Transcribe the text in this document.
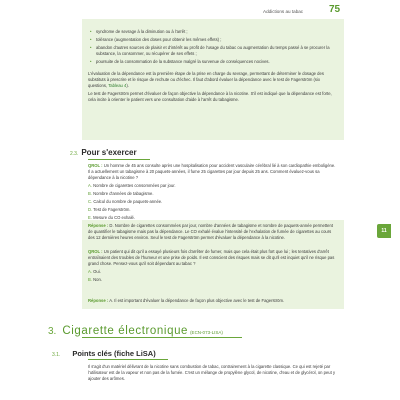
Addictions au tabac	75
• syndrome de sevrage à la diminution ou à l'arrêt ;
• tolérance (augmentation des doses pour obtenir les mêmes effets) ;
• abandon d'autres sources de plaisir et d'intérêt au profit de l'usage du tabac ou augmentation du temps passé à se procurer la substance, la consommer, ou récupérer de ses effets ;
• poursuite de la consommation de la substance malgré la survenue de conséquences nocives.

L'évaluation de la dépendance est la première étape de la prise en charge du sevrage, permettant de déterminer le dosage des substituts à prescrire et le risque de rechute ou d'échec. Il faut d'abord évaluer la dépendance avec le test de Fagerström (six questions, Tableau 4).

Le test de Fagerström permet d'évaluer de façon objective la dépendance à la nicotine. S'il est indiqué que la dépendance est forte, cela incite à orienter le patient vers une consultation d'aide à l'arrêt du tabagisme.

2.3. Pour s'exercer

QROL : Un homme de 45 ans consulte après une hospitalisation pour accident vasculaire cérébral lié à son cardiopathie emboligène. Il a actuellement un tabagisme à 20 paquets-années, il fume 25 cigarettes par jour depuis 25 ans. Comment évaluez-vous sa dépendance à la nicotine ?

A. Nombre de cigarettes consommées par jour.
B. Nombre d'années de tabagisme.
C. Calcul du nombre de paquets-année.
D. Test de Fagerström.
E. Mesure du CO exhalé.

Réponse : D. Nombre de cigarettes consommées par jour, nombre d'années de tabagisme et nombre de paquets-année permettent de quantifier le tabagisme mais pas la dépendance. Le CO exhalé évalue l'intensité de l'exhalation de fumée de cigarettes au cours des 12 dernières heures environ. Seul le test de Fagerström permet d'évaluer la dépendance à la nicotine.

QROL : Un patient qui dit qu'il a essayé plusieurs fois d'arrêter de fumer, mais que cela était plus fort que lui ; les tentatives d'arrêt entraînaient des troubles de l'humeur et une prise de poids. Il est conscient des risques mais se dit qu'il est inquiet qu'il ne risque pas grand chose. Pensez-vous qu'il soit dépendant au tabac ?

A. Oui.
B. Non.

Réponse : A. Il est important d'évaluer la dépendance de façon plus objective avec le test de Fagerström.

11
3. Cigarette électronique (ECN-073-LISA)
3.1. Points clés (fiche LiSA)

Il s'agit d'un matériel délivrant de la nicotine sans combustion de tabac, contrairement à la cigarette classique. Ce qui est rejeté par l'utilisateur est de la vapeur et non pas de la fumée. C'est un mélange de propylène glycol, de nicotine, d'eau et de glycérol, on peut y ajouter des arômes.
